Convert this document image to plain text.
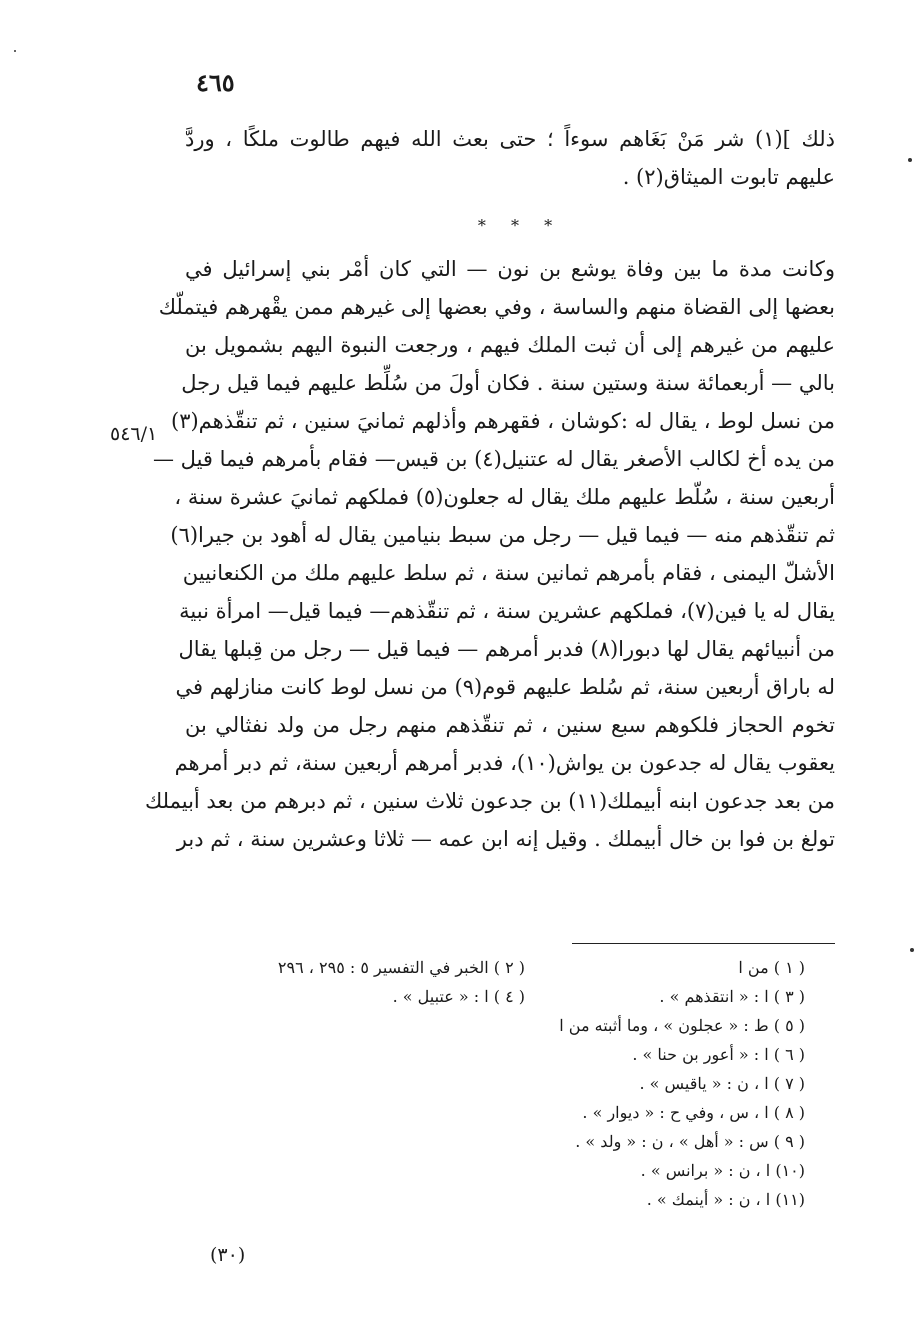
٤٦٥
ذلك ](١) شر مَنْ بَغَاهم سوءاً ؛ حتى بعث الله فيهم طالوت ملكًا ، وردَّ
عليهم تابوت الميثاق(٢) .
* * *
٥٤٦/١
وكانت مدة ما بين وفاة يوشع بن نون — التي كان أمْر بني إسرائيل في
بعضها إلى القضاة منهم والساسة ، وفي بعضها إلى غيرهم ممن يقْهرهم فيتملّك
عليهم من غيرهم إلى أن ثبت الملك فيهم ، ورجعت النبوة اليهم بشمويل بن
بالي — أربعمائة سنة وستين سنة . فكان أولَ من سُلِّط عليهم فيما قيل رجل
من نسل لوط ، يقال له :كوشان ، فقهرهم وأذلهم ثمانيَ سنين ، ثم تنقّذهم(٣)
من يده أخ لكالب الأصغر يقال له عتنيل(٤) بن قيس— فقام بأمرهم فيما قيل —
أربعين سنة ، سُلّط عليهم ملك يقال له جعلون(٥) فملكهم ثمانيَ عشرة سنة ،
ثم تنقّذهم منه — فيما قيل — رجل من سبط بنيامين يقال له أهود بن جيرا(٦)
الأشلّ اليمنى ، فقام بأمرهم ثمانين سنة ، ثم سلط عليهم ملك من الكنعانيين
يقال له يا فين(٧)، فملكهم عشرين سنة ، ثم تنقّذهم— فيما قيل— امرأة نبية
من أنبيائهم يقال لها دبورا(٨) فدبر أمرهم — فيما قيل — رجل من قِبلها يقال
له باراق أربعين سنة، ثم سُلط عليهم قوم(٩) من نسل لوط كانت منازلهم في
تخوم الحجاز فلكوهم سبع سنين ، ثم تنقّذهم منهم رجل من ولد نفثالي بن
يعقوب يقال له جدعون بن يواش(١٠)، فدبر أمرهم أربعين سنة، ثم دبر أمرهم
من بعد جدعون ابنه أبيملك(١١) بن جدعون ثلاث سنين ، ثم دبرهم من بعد أبيملك
تولغ بن فوا بن خال أبيملك . وقيل إنه ابن عمه — ثلاثا وعشرين سنة ، ثم دبر
( ١ ) من ا
( ٢ ) الخبر في التفسير ٥ : ٢٩٥ ، ٢٩٦
( ٣ ) ا : « انتقذهم » .
( ٤ ) ا : « عتبيل » .
( ٥ ) ط : « عجلون » ، وما أثبته من ا
( ٦ ) ا : « أعور بن حنا » .
( ٧ ) ا ، ن : « ياقيس » .
( ٨ ) ا ، س ، وفي ح : « ديوار » .
( ٩ ) س : « أهل » ، ن : « ولد » .
(١٠) ا ، ن : « برانس » .
(١١) ا ، ن : « أينمك » .
(٣٠)
